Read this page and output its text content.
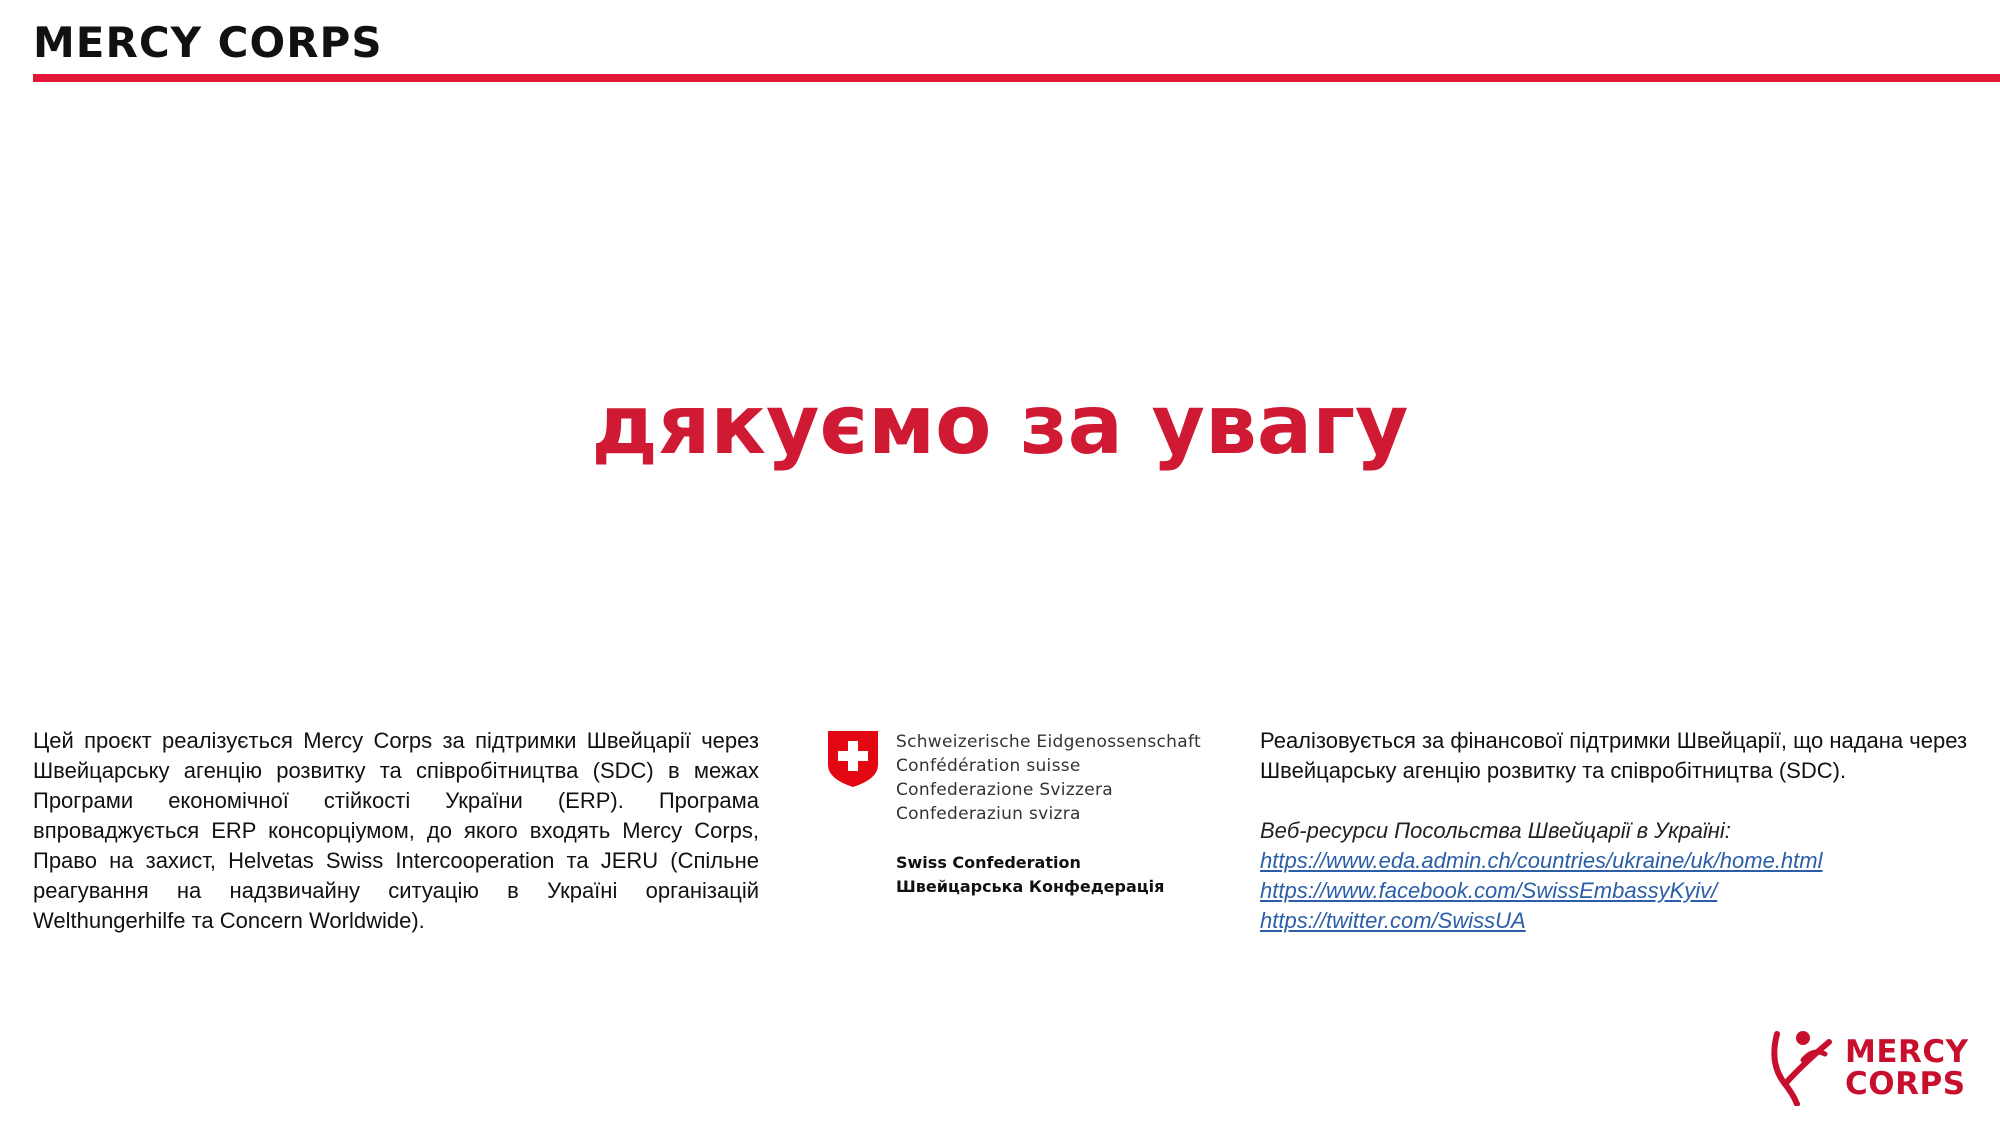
MERCY CORPS
дякуємо за увагу
Цей проєкт реалізується Mercy Corps за підтримки Швейцарії через Швейцарську агенцію розвитку та співробітництва (SDC) в межах Програми економічної стійкості України (ERP). Програма впроваджується ERP консорціумом, до якого входять Mercy Corps, Право на захист, Helvetas Swiss Intercooperation та JERU (Спільне реагування на надзвичайну ситуацію в Україні організацій Welthungerhilfe та Concern Worldwide).
Schweizerische Eidgenossenschaft
Confédération suisse
Confederazione Svizzera
Confederaziun svizra
Swiss Confederation
Швейцарська Конфедерація
Реалізовується за фінансової підтримки Швейцарії, що надана через Швейцарську агенцію розвитку та співробітництва (SDC).
Веб-ресурси Посольства Швейцарії в Україні:
https://www.eda.admin.ch/countries/ukraine/uk/home.html
https://www.facebook.com/SwissEmbassyKyiv/
https://twitter.com/SwissUA
MERCY
CORPS
